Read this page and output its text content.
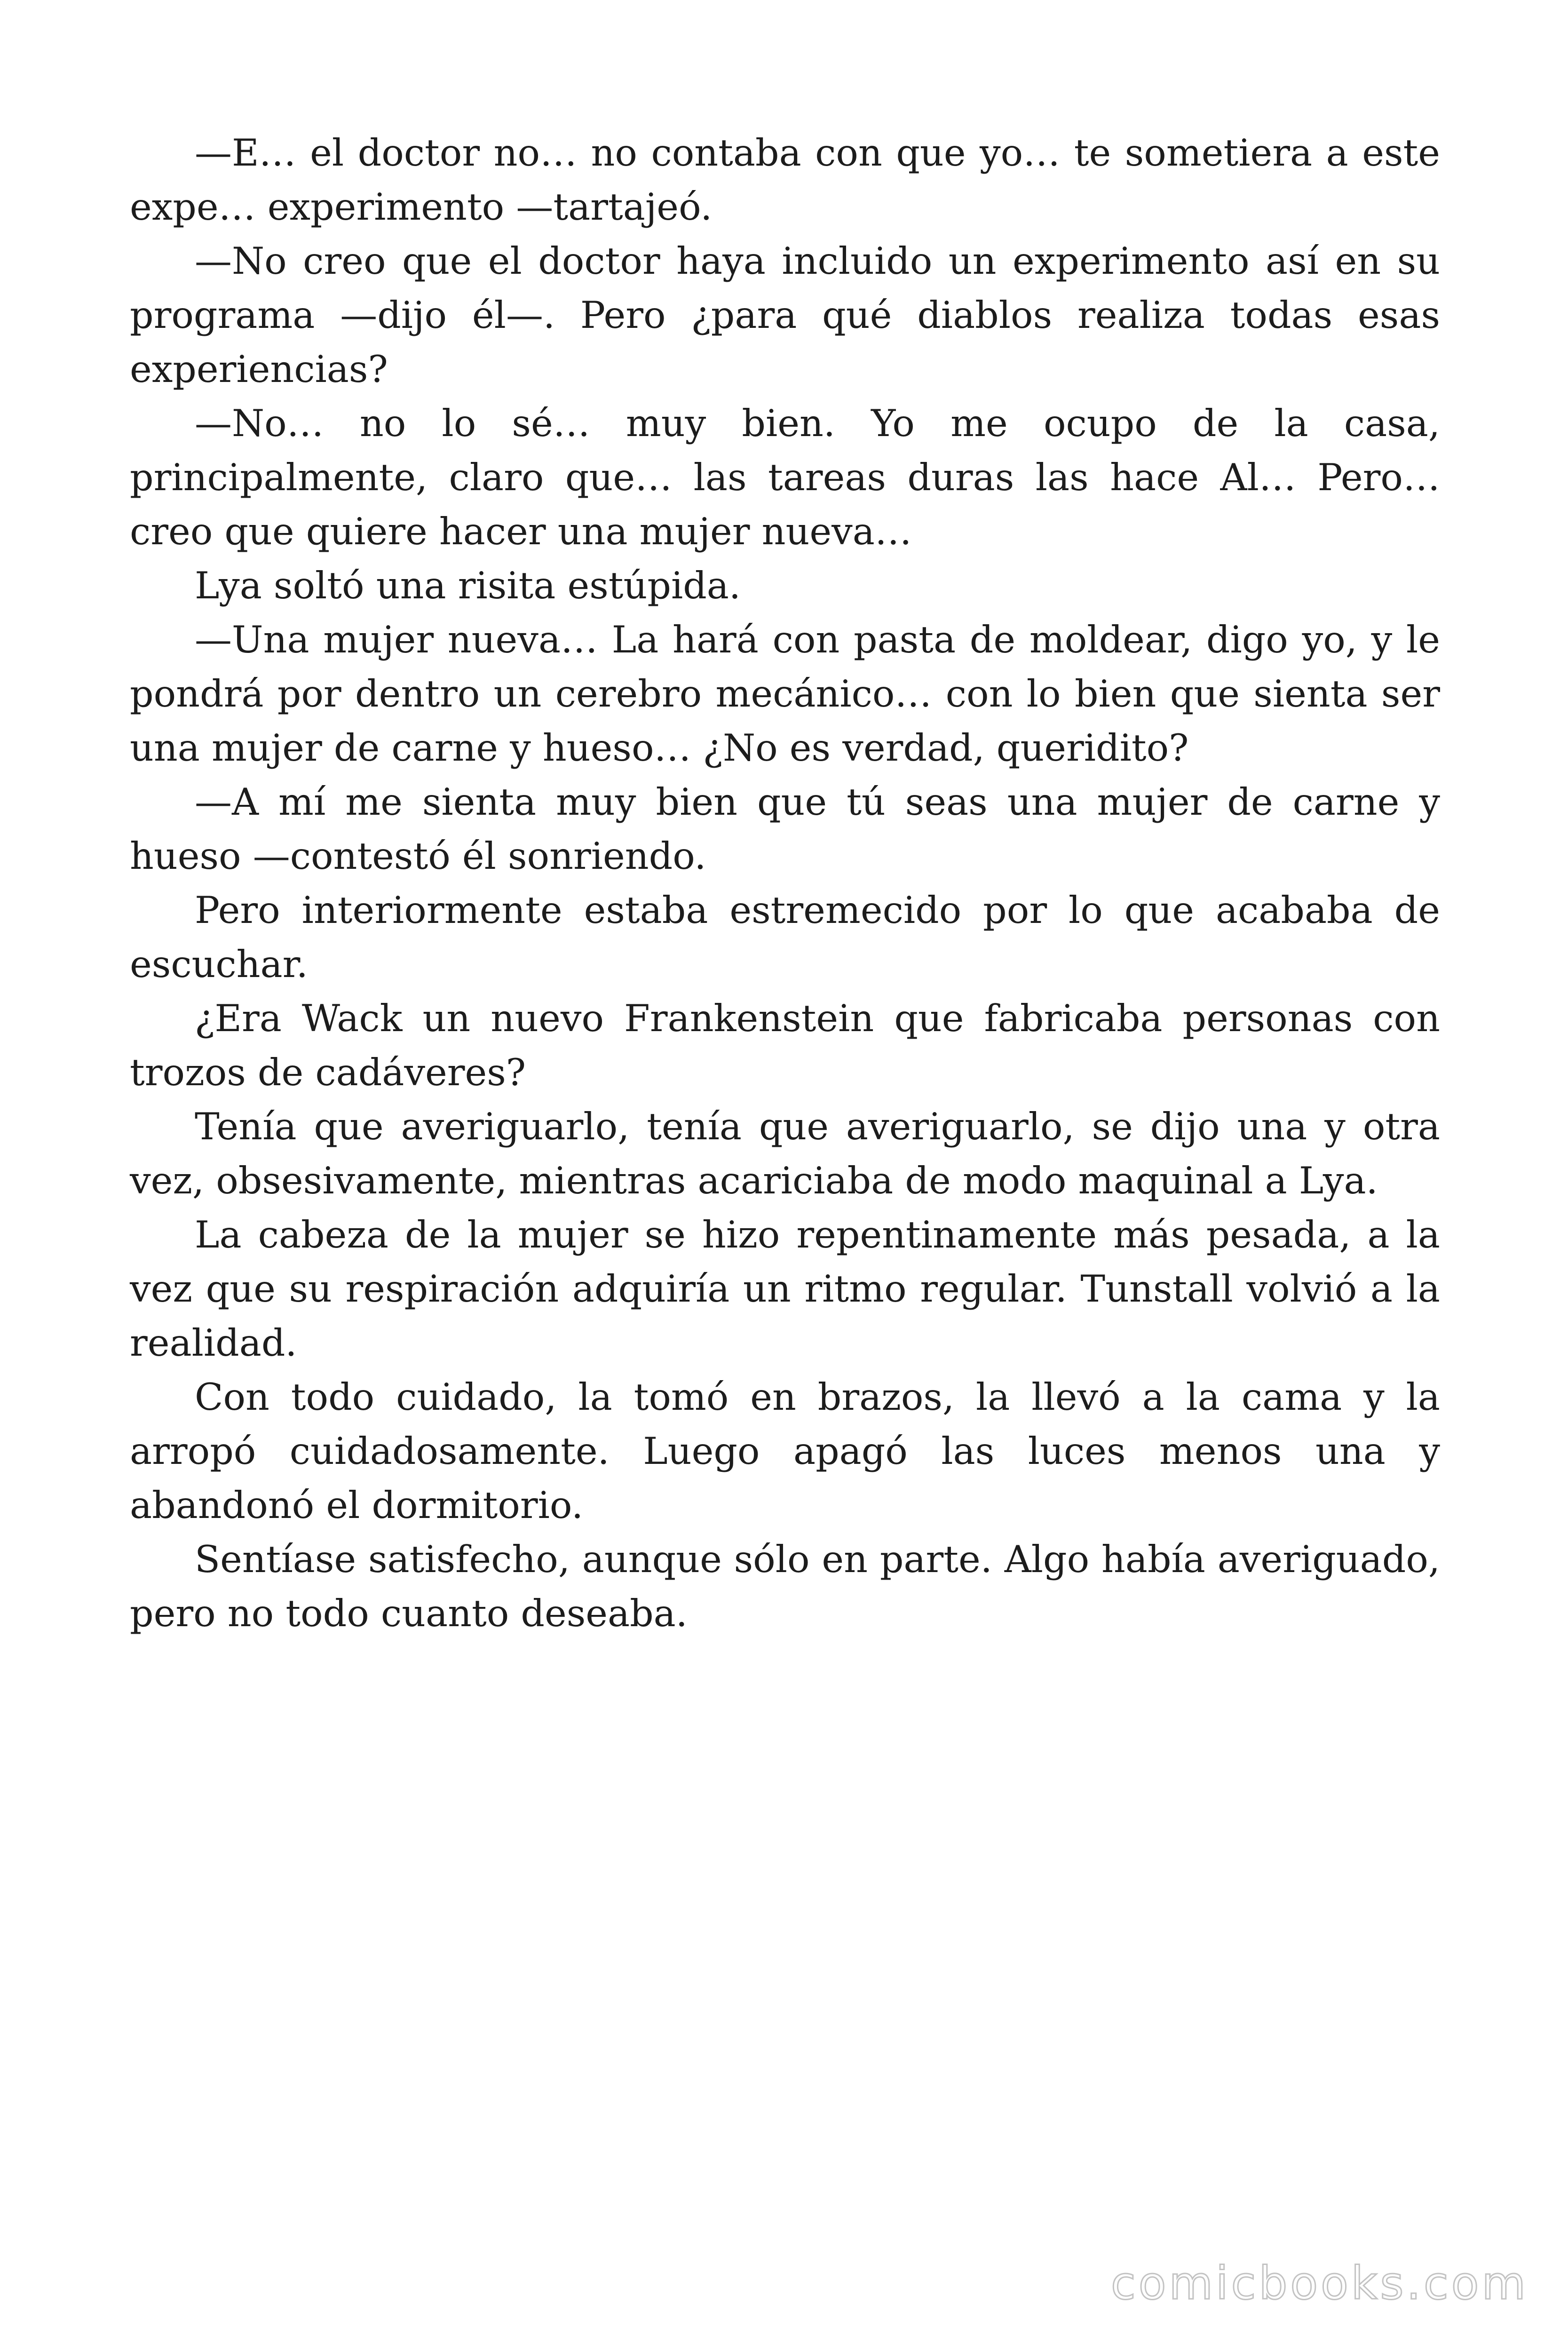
—E… el doctor no… no contaba con que yo… te sometiera a este expe… experimento —tartajeó.

—No creo que el doctor haya incluido un experimento así en su programa —dijo él—. Pero ¿para qué diablos realiza todas esas experiencias?

—No… no lo sé… muy bien. Yo me ocupo de la casa, principalmente, claro que… las tareas duras las hace Al… Pero… creo que quiere hacer una mujer nueva…

Lya soltó una risita estúpida.

—Una mujer nueva… La hará con pasta de moldear, digo yo, y le pondrá por dentro un cerebro mecánico… con lo bien que sienta ser una mujer de carne y hueso… ¿No es verdad, queridito?

—A mí me sienta muy bien que tú seas una mujer de carne y hueso —contestó él sonriendo.

Pero interiormente estaba estremecido por lo que acababa de escuchar.

¿Era Wack un nuevo Frankenstein que fabricaba personas con trozos de cadáveres?

Tenía que averiguarlo, tenía que averiguarlo, se dijo una y otra vez, obsesivamente, mientras acariciaba de modo maquinal a Lya.

La cabeza de la mujer se hizo repentinamente más pesada, a la vez que su respiración adquiría un ritmo regular. Tunstall volvió a la realidad.

Con todo cuidado, la tomó en brazos, la llevó a la cama y la arropó cuidadosamente. Luego apagó las luces menos una y abandonó el dormitorio.

Sentíase satisfecho, aunque sólo en parte. Algo había averiguado, pero no todo cuanto deseaba.

comicbooks.com
